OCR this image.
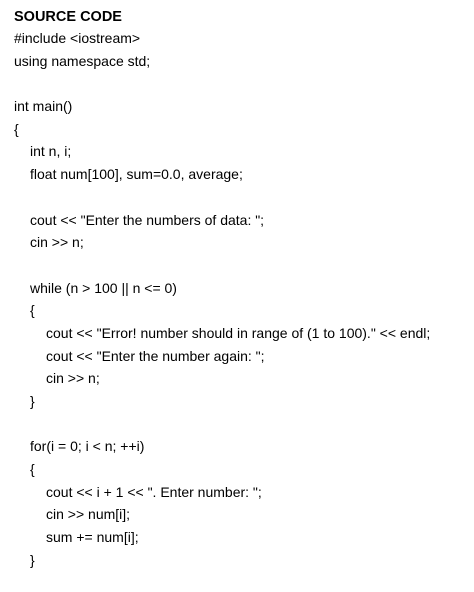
SOURCE CODE
#include <iostream>
using namespace std;
int main()
{
int n, i;
float num[100], sum=0.0, average;
cout << "Enter the numbers of data: ";
cin >> n;
while (n > 100 || n <= 0)
{
cout << "Error! number should in range of (1 to 100)." << endl;
cout << "Enter the number again: ";
cin >> n;
}
for(i = 0; i < n; ++i)
{
cout << i + 1 << ". Enter number: ";
cin >> num[i];
sum += num[i];
}
